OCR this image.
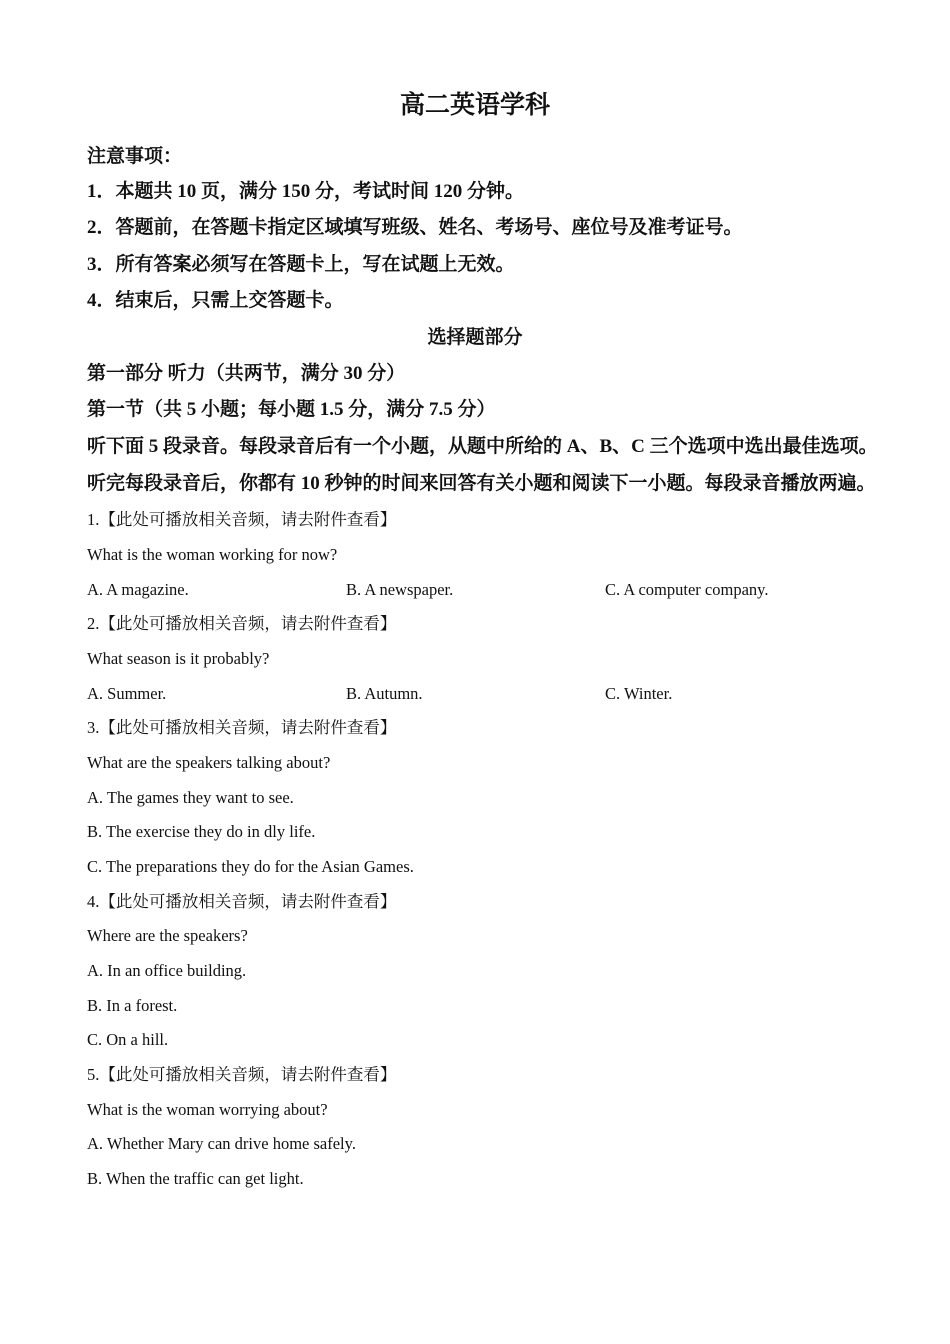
高二英语学科

注意事项：

1．本题共 10 页，满分 150 分，考试时间 120 分钟。

2．答题前，在答题卡指定区域填写班级、姓名、考场号、座位号及准考证号。

3．所有答案必须写在答题卡上，写在试题上无效。

4．结束后，只需上交答题卡。

选择题部分

第一部分 听力（共两节，满分 30 分）

第一节（共 5 小题；每小题 1.5 分，满分 7.5 分）

听下面 5 段录音。每段录音后有一个小题，从题中所给的 A、B、C 三个选项中选出最佳选项。

听完每段录音后，你都有 10 秒钟的时间来回答有关小题和阅读下一小题。每段录音播放两遍。

1.【此处可播放相关音频，请去附件查看】

What is the woman working for now?

A. A magazine.	B. A newspaper.	C. A computer company.

2.【此处可播放相关音频，请去附件查看】

What season is it probably?

A. Summer.	B. Autumn.	C. Winter.

3.【此处可播放相关音频，请去附件查看】

What are the speakers talking about?

A. The games they want to see.

B. The exercise they do in dly life.

C. The preparations they do for the Asian Games.

4.【此处可播放相关音频，请去附件查看】

Where are the speakers?

A. In an office building.

B. In a forest.

C. On a hill.

5.【此处可播放相关音频，请去附件查看】

What is the woman worrying about?

A. Whether Mary can drive home safely.

B. When the traffic can get light.
